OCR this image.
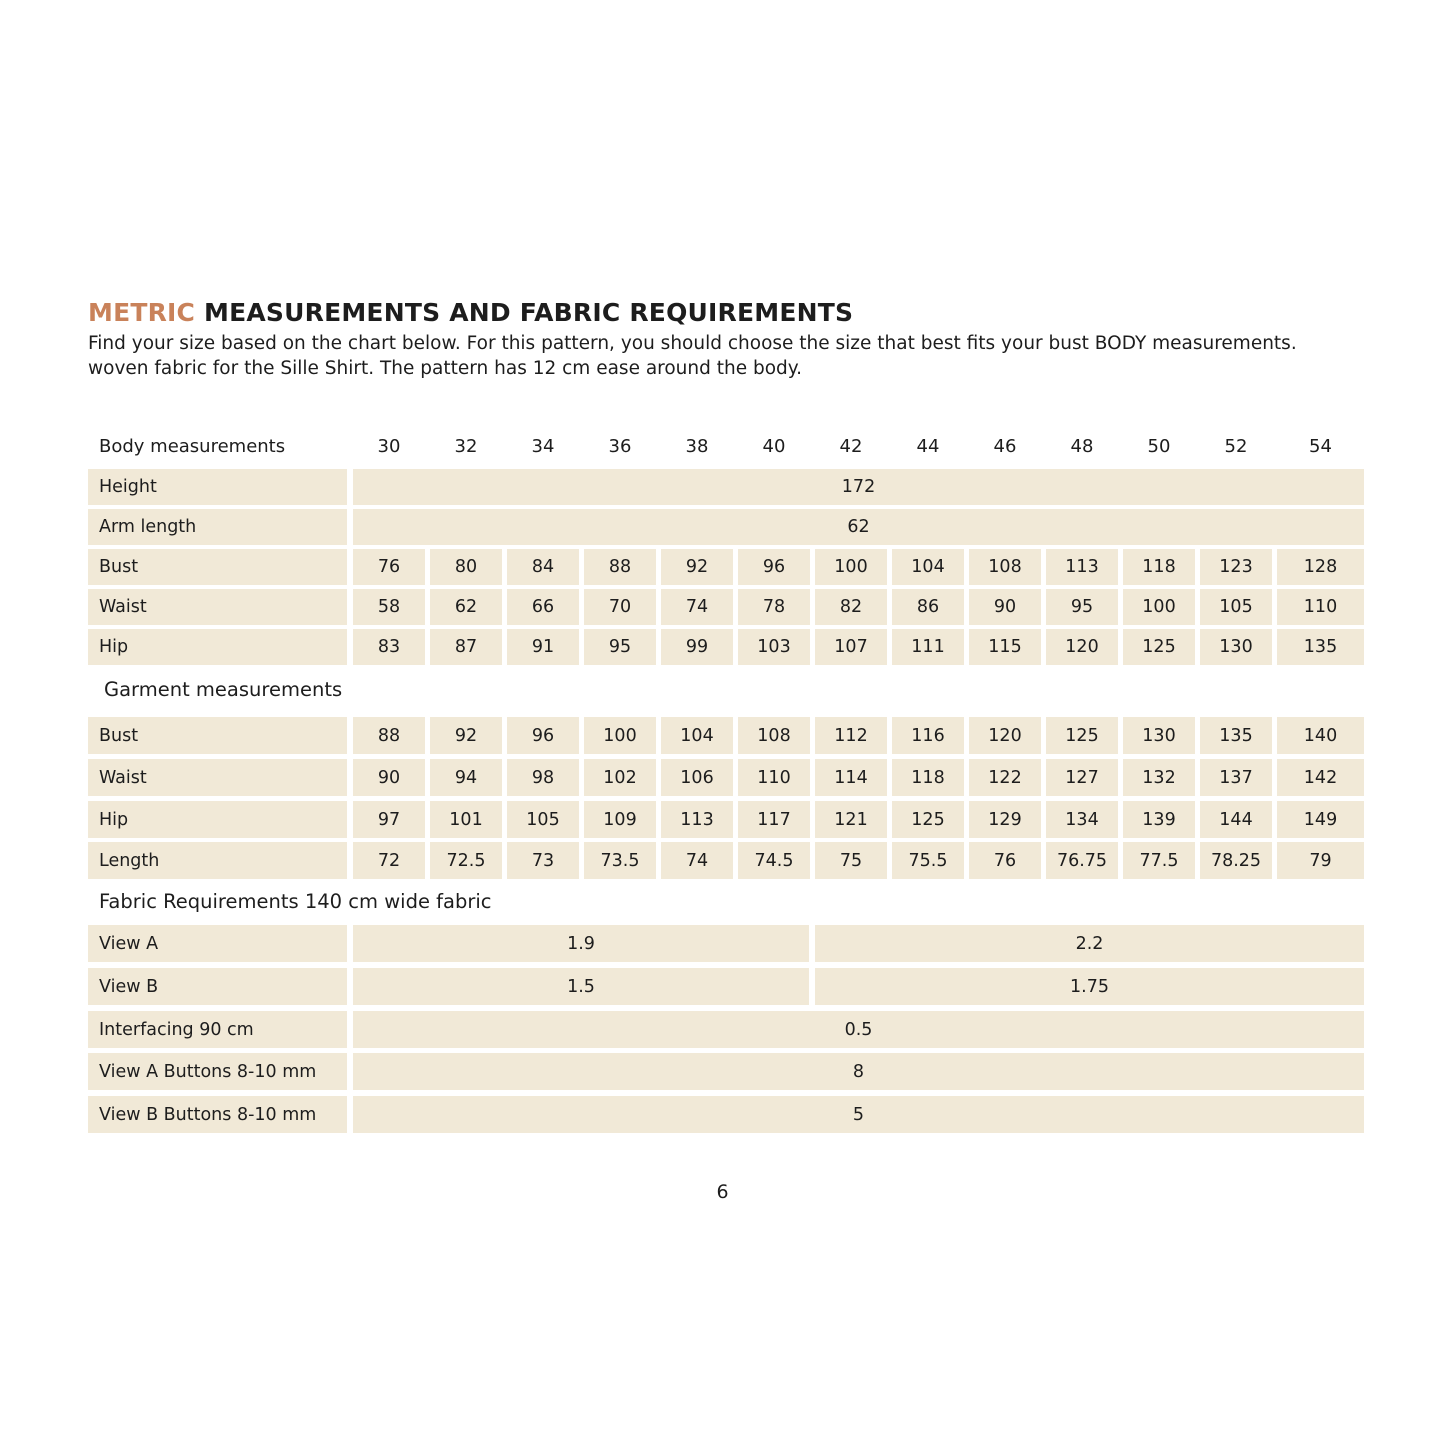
METRIC MEASUREMENTS AND FABRIC REQUIREMENTS
Find your size based on the chart below. For this pattern, you should choose the size that best fits your bust BODY measurements.
woven fabric for the Sille Shirt. The pattern has 12 cm ease around the body.
Body measurements	30	32	34	36	38	40	42	44	46	48	50	52	54
Height	172
Arm length	62
Bust	76	80	84	88	92	96	100	104	108	113	118	123	128
Waist	58	62	66	70	74	78	82	86	90	95	100	105	110
Hip	83	87	91	95	99	103	107	111	115	120	125	130	135
Garment measurements
Bust	88	92	96	100	104	108	112	116	120	125	130	135	140
Waist	90	94	98	102	106	110	114	118	122	127	132	137	142
Hip	97	101	105	109	113	117	121	125	129	134	139	144	149
Length	72	72.5	73	73.5	74	74.5	75	75.5	76	76.75	77.5	78.25	79
Fabric Requirements 140 cm wide fabric
View A	1.9	2.2
View B	1.5	1.75
Interfacing 90 cm	0.5
View A Buttons 8-10 mm	8
View B Buttons 8-10 mm	5
6
